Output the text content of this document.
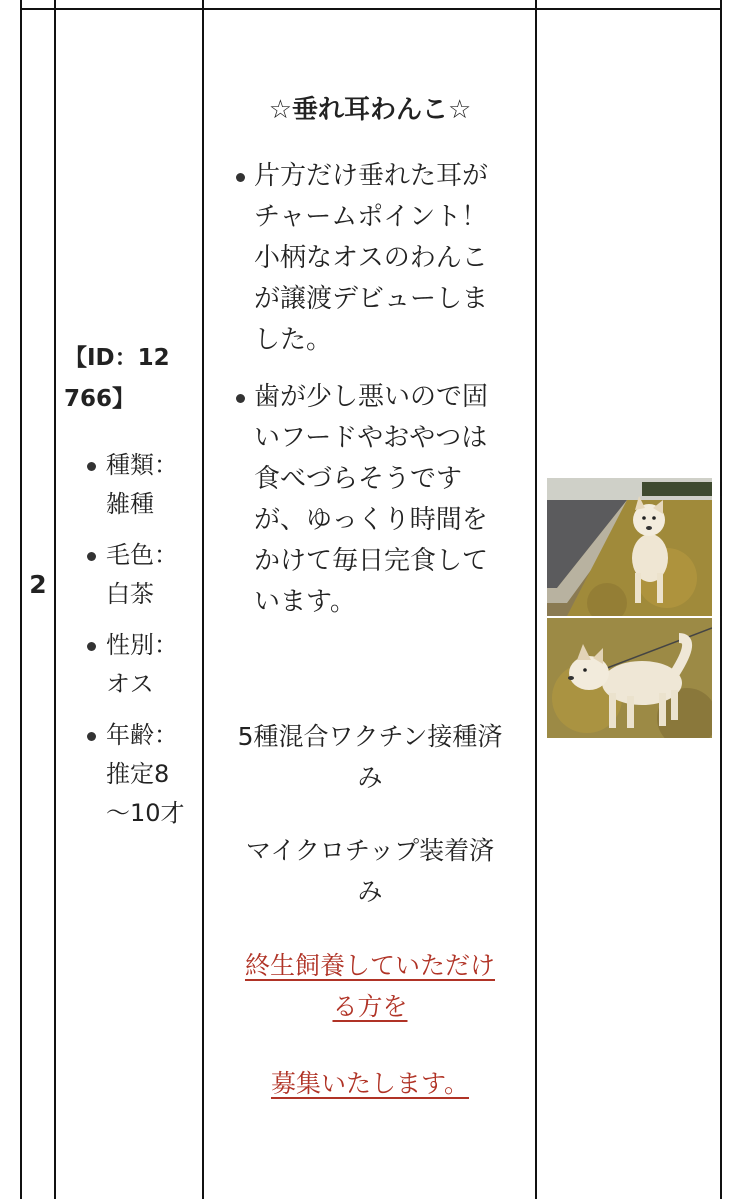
2
【ID：12
766】
種類：
雑種
毛色：
白茶
性別：
オス
年齢：
推定8
〜10才
☆垂れ耳わんこ☆
片方だけ垂れた耳が
チャームポイント！
小柄なオスのわんこ
が譲渡デビューしま
した。
歯が少し悪いので固
いフードやおやつは
食べづらそうです
が、ゆっくり時間を
かけて毎日完食して
います。
5種混合ワクチン接種済
み
マイクロチップ装着済
み
終生飼養していただけ
る方を
募集いたします。
